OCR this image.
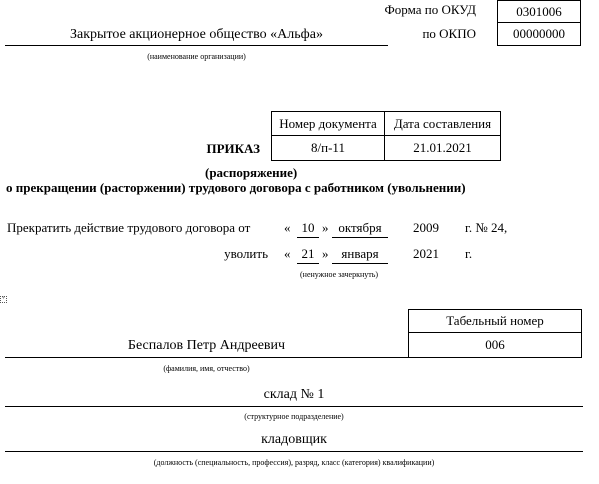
Форма по ОКУД	0301006
по ОКПО	00000000
Закрытое акционерное общество «Альфа»
(наименование организации)
Номер документа	Дата составления
8/п-11	21.01.2021
ПРИКАЗ
(распоряжение)
о прекращении (расторжении) трудового договора с работником (увольнении)
Прекратить действие трудового договора от	« 10 » октября	2009 г. № 24,
уволить « 21 » января	2021 г.
(ненужное зачеркнуть)
+
Табельный номер
006
Беспалов Петр Андреевич
(фамилия, имя, отчество)
склад № 1
(структурное подразделение)
кладовщик
(должность (специальность, профессия), разряд, класс (категория) квалификации)
